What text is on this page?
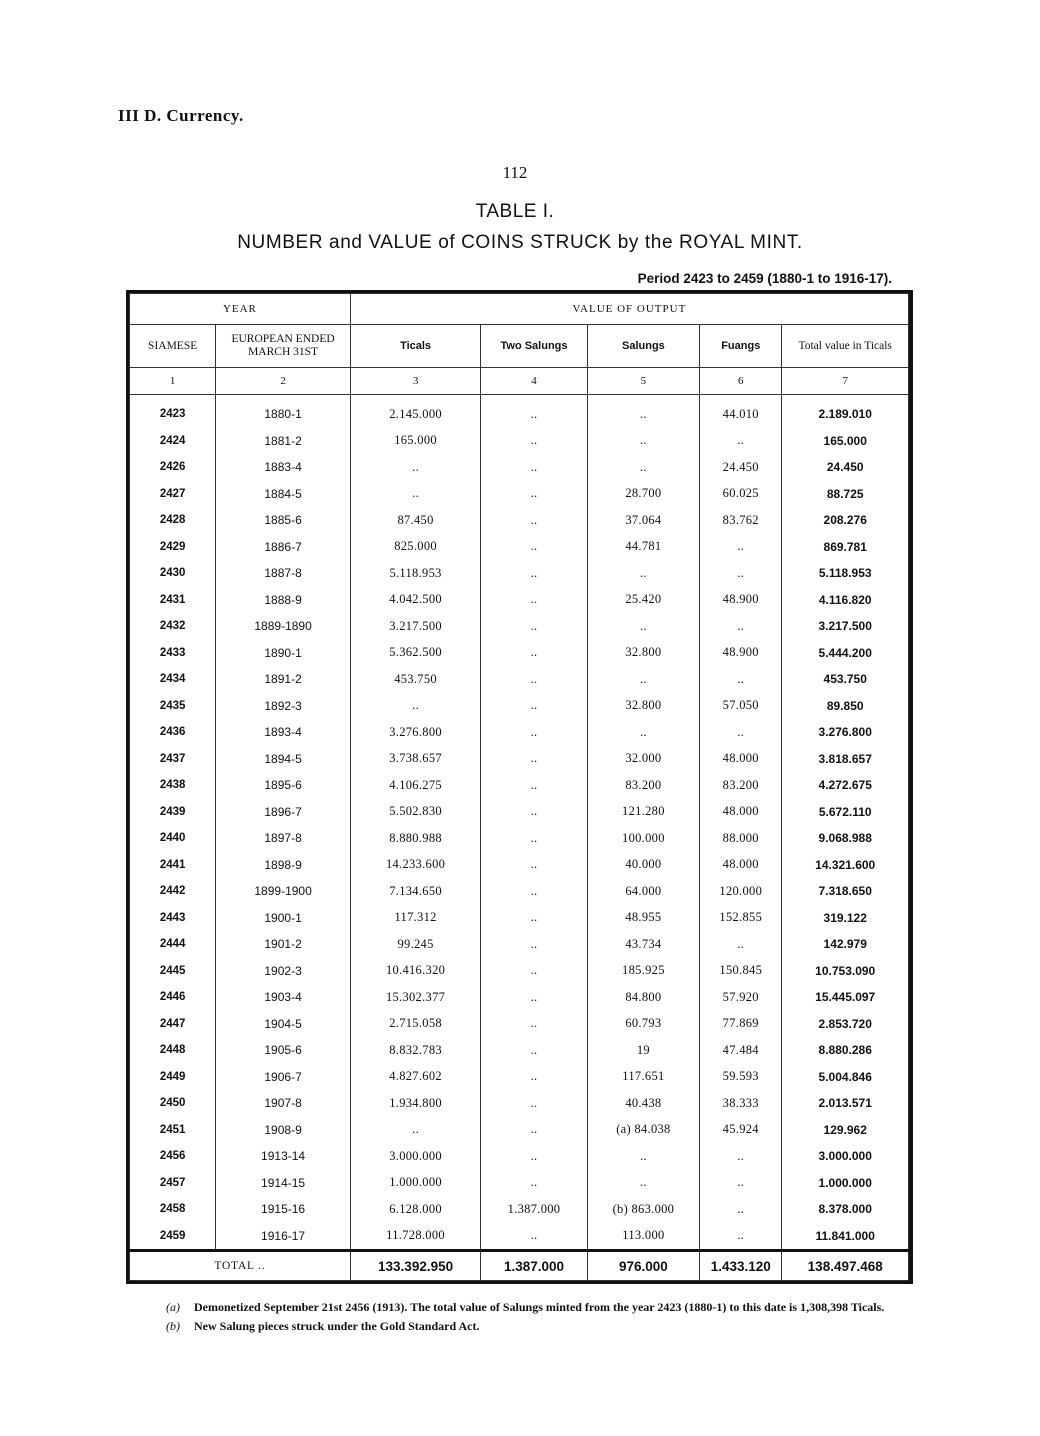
III D. Currency.
112
TABLE I.
NUMBER and VALUE of COINS STRUCK by the ROYAL MINT.
Period 2423 to 2459 (1880-1 to 1916-17).
YEAR		VALUE OF OUTPUT				
SIAMESE	EUROPEAN ENDED MARCH 31ST	Ticals	Two Salungs	Salungs	Fuangs	Total value in Ticals
1	2	3	4	5	6	7
2423	1880-1	2.145.000	..	..	44.010	2.189.010
2424	1881-2	165.000	..	..	..	165.000
2426	1883-4	..	..	..	24.450	24.450
2427	1884-5	..	..	28.700	60.025	88.725
2428	1885-6	87.450	..	37.064	83.762	208.276
2429	1886-7	825.000	..	44.781	..	869.781
2430	1887-8	5.118.953	..	..	..	5.118.953
2431	1888-9	4.042.500	..	25.420	48.900	4.116.820
2432	1889-1890	3.217.500	..	..	..	3.217.500
2433	1890-1	5.362.500	..	32.800	48.900	5.444.200
2434	1891-2	453.750	..	..	..	453.750
2435	1892-3	..	..	32.800	57.050	89.850
2436	1893-4	3.276.800	..	..	..	3.276.800
2437	1894-5	3.738.657	..	32.000	48.000	3.818.657
2438	1895-6	4.106.275	..	83.200	83.200	4.272.675
2439	1896-7	5.502.830	..	121.280	48.000	5.672.110
2440	1897-8	8.880.988	..	100.000	88.000	9.068.988
2441	1898-9	14.233.600	..	40.000	48.000	14.321.600
2442	1899-1900	7.134.650	..	64.000	120.000	7.318.650
2443	1900-1	117.312	..	48.955	152.855	319.122
2444	1901-2	99.245	..	43.734	..	142.979
2445	1902-3	10.416.320	..	185.925	150.845	10.753.090
2446	1903-4	15.302.377	..	84.800	57.920	15.445.097
2447	1904-5	2.715.058	..	60.793	77.869	2.853.720
2448	1905-6	8.832.783	..	19	47.484	8.880.286
2449	1906-7	4.827.602	..	117.651	59.593	5.004.846
2450	1907-8	1.934.800	..	40.438	38.333	2.013.571
2451	1908-9	..	..	(a) 84.038	45.924	129.962
2456	1913-14	3.000.000	..	..	..	3.000.000
2457	1914-15	1.000.000	..	..	..	1.000.000
2458	1915-16	6.128.000	1.387.000	(b) 863.000	..	8.378.000
2459	1916-17	11.728.000	..	113.000	..	11.841.000
TOTAL ..		133.392.950	1.387.000	976.000	1.433.120	138.497.468
(a)	Demonetized September 21st 2456 (1913). The total value of Salungs minted from the year 2423 (1880-1) to this date is 1,308,398 Ticals.
(b)	New Salung pieces struck under the Gold Standard Act.
